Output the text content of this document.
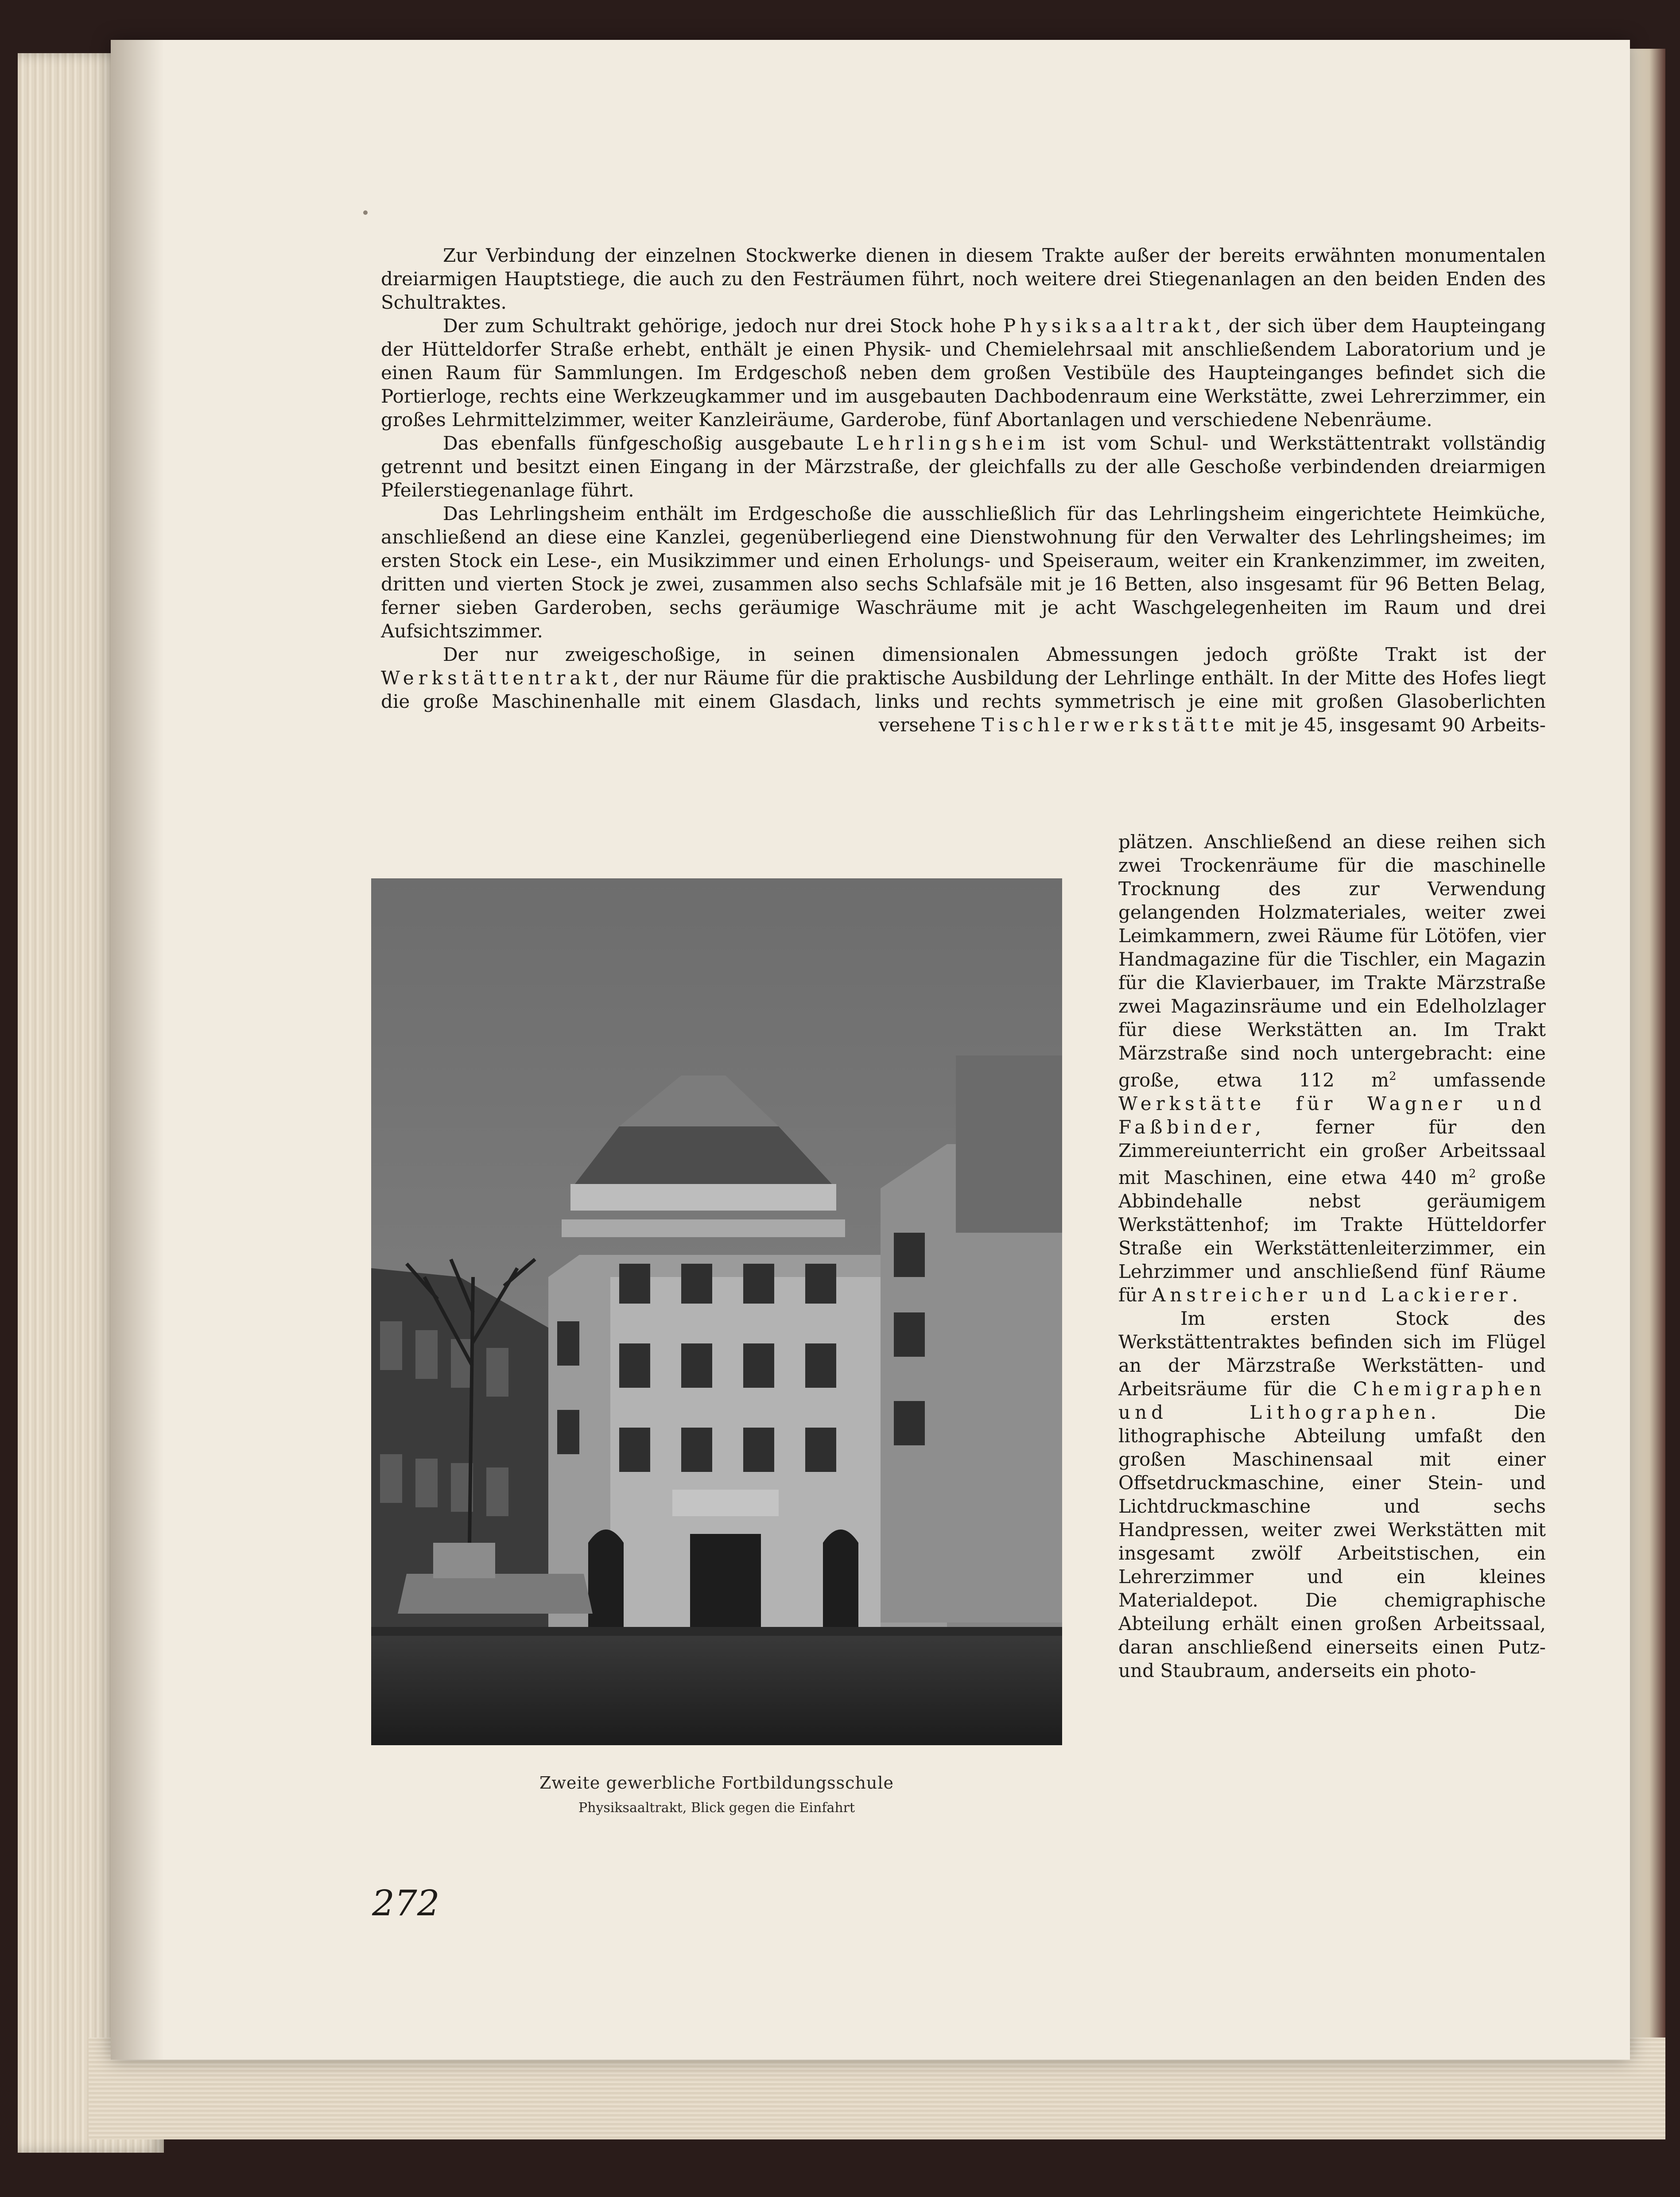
Zur Verbindung der einzelnen Stockwerke dienen in diesem Trakte außer der bereits erwähnten monumentalen dreiarmigen Hauptstiege, die auch zu den Festräumen führt, noch weitere drei Stiegenanlagen an den beiden Enden des Schultraktes.

Der zum Schultrakt gehörige, jedoch nur drei Stock hohe Physiksaaltrakt, der sich über dem Haupteingang der Hütteldorfer Straße erhebt, enthält je einen Physik- und Chemielehrsaal mit anschließendem Laboratorium und je einen Raum für Sammlungen. Im Erdgeschoß neben dem großen Vestibüle des Haupteinganges befindet sich die Portierloge, rechts eine Werkzeugkammer und im ausgebauten Dachbodenraum eine Werkstätte, zwei Lehrerzimmer, ein großes Lehrmittelzimmer, weiter Kanzleiräume, Garderobe, fünf Abortanlagen und verschiedene Nebenräume.

Das ebenfalls fünfgeschoßig ausgebaute Lehrlingsheim ist vom Schul- und Werkstättentrakt vollständig getrennt und besitzt einen Eingang in der Märzstraße, der gleichfalls zu der alle Geschoße verbindenden dreiarmigen Pfeilerstiegenanlage führt.

Das Lehrlingsheim enthält im Erdgeschoße die ausschließlich für das Lehrlingsheim eingerichtete Heimküche, anschließend an diese eine Kanzlei, gegenüberliegend eine Dienstwohnung für den Verwalter des Lehrlingsheimes; im ersten Stock ein Lese-, ein Musikzimmer und einen Erholungs- und Speiseraum, weiter ein Krankenzimmer, im zweiten, dritten und vierten Stock je zwei, zusammen also sechs Schlafsäle mit je 16 Betten, also insgesamt für 96 Betten Belag, ferner sieben Garderoben, sechs geräumige Waschräume mit je acht Waschgelegenheiten im Raum und drei Aufsichtszimmer.

Der nur zweigeschoßige, in seinen dimensionalen Abmessungen jedoch größte Trakt ist der Werkstättentrakt, der nur Räume für die praktische Ausbildung der Lehrlinge enthält. In der Mitte des Hofes liegt die große Maschinenhalle mit einem Glasdach, links und rechts symmetrisch je eine mit großen Glasoberlichten versehene Tischlerwerkstätte mit je 45, insgesamt 90 Arbeits-

plätzen. Anschließend an diese reihen sich zwei Trockenräume für die maschinelle Trocknung des zur Verwendung gelangenden Holzmateriales, weiter zwei Leimkammern, zwei Räume für Lötöfen, vier Handmagazine für die Tischler, ein Magazin für die Klavierbauer, im Trakte Märzstraße zwei Magazinsräume und ein Edelholzlager für diese Werkstätten an. Im Trakt Märzstraße sind noch untergebracht: eine große, etwa 112 $m^2$ umfassende Werkstätte für Wagner und Faßbinder, ferner für den Zimmereiunterricht ein großer Arbeitssaal mit Maschinen, eine etwa 440 $m^2$ große Abbindehalle nebst geräumigem Werkstättenhof; im Trakte Hütteldorfer Straße ein Werkstättenleiterzimmer, ein Lehrzimmer und anschließend fünf Räume für Anstreicher und Lackierer.

Im ersten Stock des Werkstättentraktes befinden sich im Flügel an der Märzstraße Werkstätten- und Arbeitsräume für die Chemigraphen und Lithographen. Die lithographische Abteilung umfaßt den großen Maschinensaal mit einer Offsetdruckmaschine, einer Stein- und Lichtdruckmaschine und sechs Handpressen, weiter zwei Werkstätten mit insgesamt zwölf Arbeitstischen, ein Lehrerzimmer und ein kleines Materialdepot. Die chemigraphische Abteilung erhält einen großen Arbeitssaal, daran anschließend einerseits einen Putz- und Staubraum, anderseits ein photo-

Zweite gewerbliche Fortbildungsschule
Physiksaaltrakt, Blick gegen die Einfahrt
272
